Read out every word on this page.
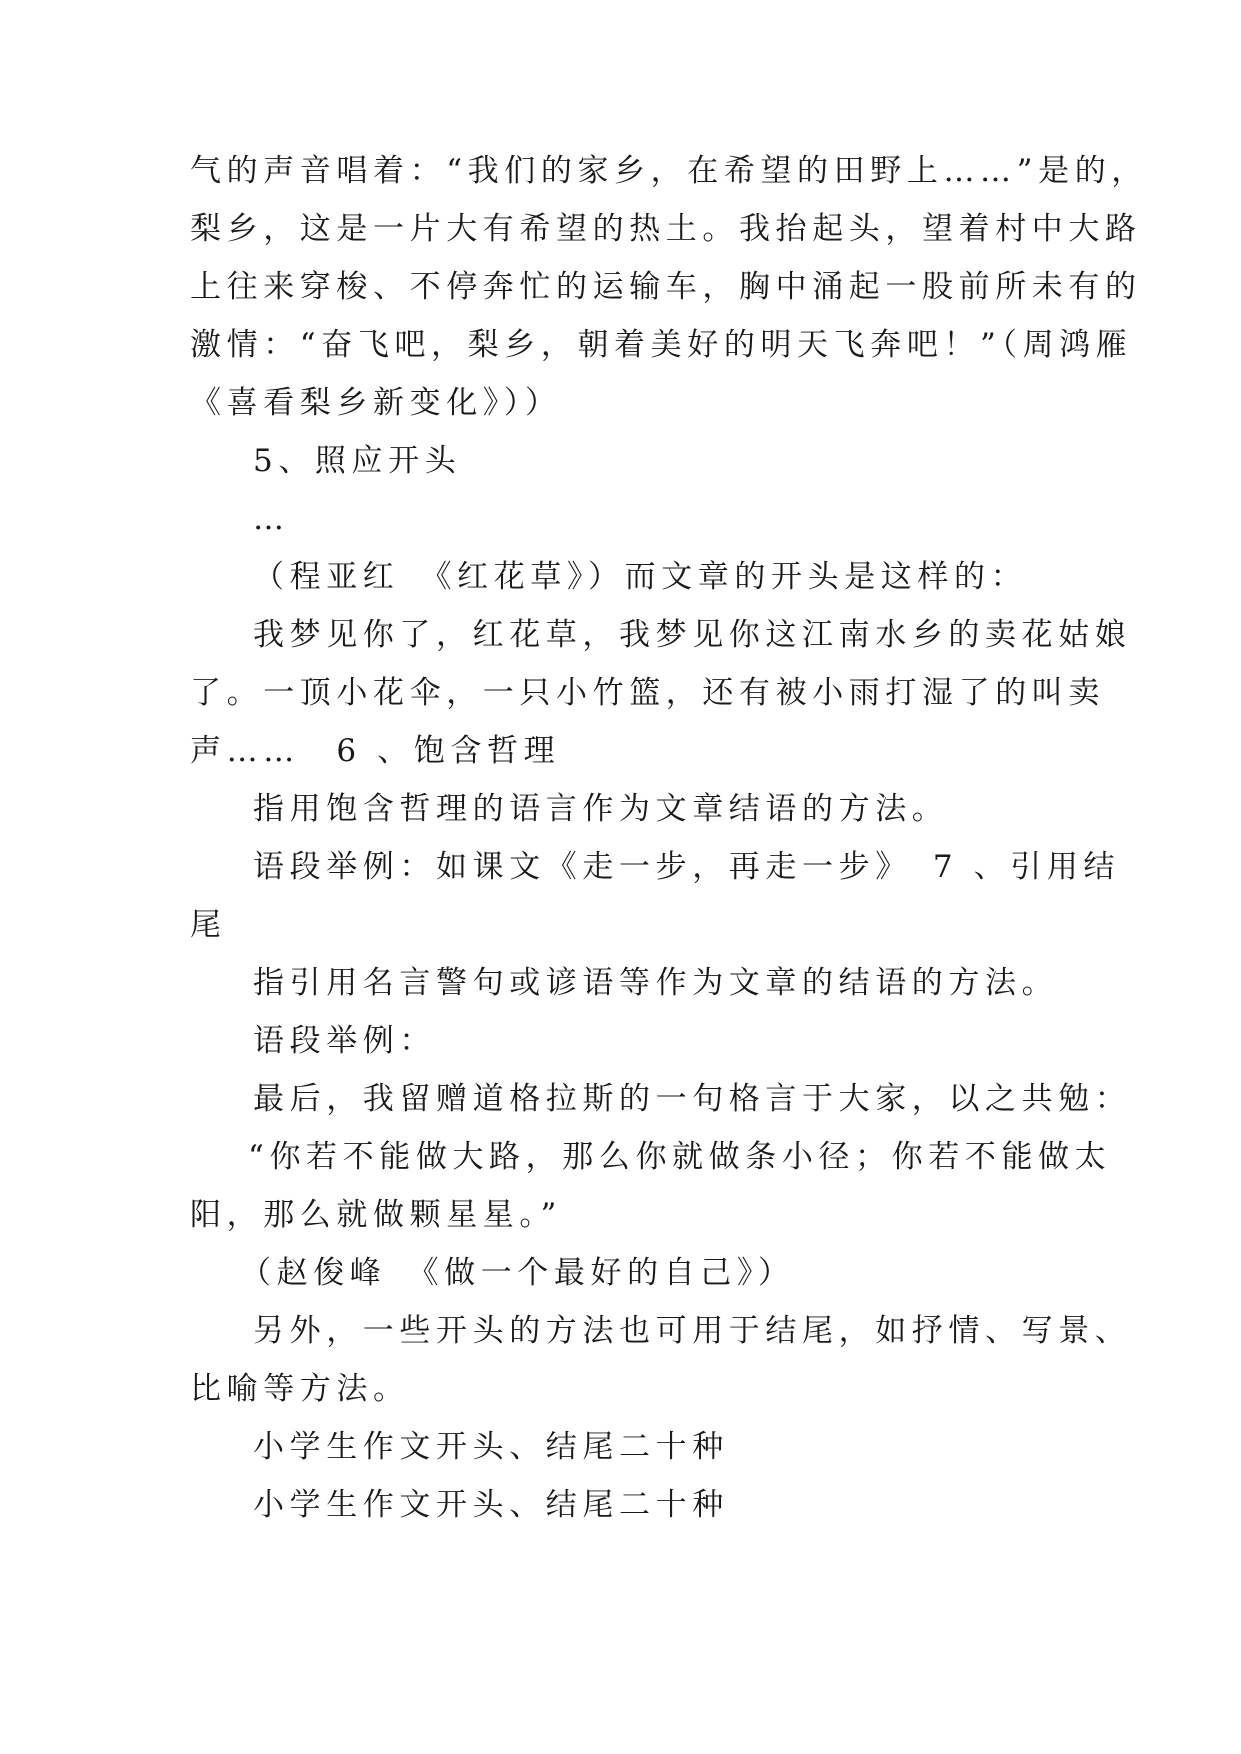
气的声音唱着：“我们的家乡，在希望的田野上……”是的，
梨乡，这是一片大有希望的热土。我抬起头，望着村中大路
上往来穿梭、不停奔忙的运输车，胸中涌起一股前所未有的
激情：“奋飞吧，梨乡，朝着美好的明天飞奔吧！”（周鸿雁
《喜看梨乡新变化》））
5、照应开头
…
（程亚红　《红花草》）而文章的开头是这样的：
我梦见你了，红花草，我梦见你这江南水乡的卖花姑娘
了。一顶小花伞，一只小竹篮，还有被小雨打湿了的叫卖
声……　6 、饱含哲理
指用饱含哲理的语言作为文章结语的方法。
语段举例：如课文《走一步，再走一步》　7 、引用结
尾
指引用名言警句或谚语等作为文章的结语的方法。
语段举例：
最后，我留赠道格拉斯的一句格言于大家，以之共勉：
“你若不能做大路，那么你就做条小径；你若不能做太
阳，那么就做颗星星。”
（赵俊峰　《做一个最好的自己》）
另外，一些开头的方法也可用于结尾，如抒情、写景、
比喻等方法。
小学生作文开头、结尾二十种
小学生作文开头、结尾二十种
